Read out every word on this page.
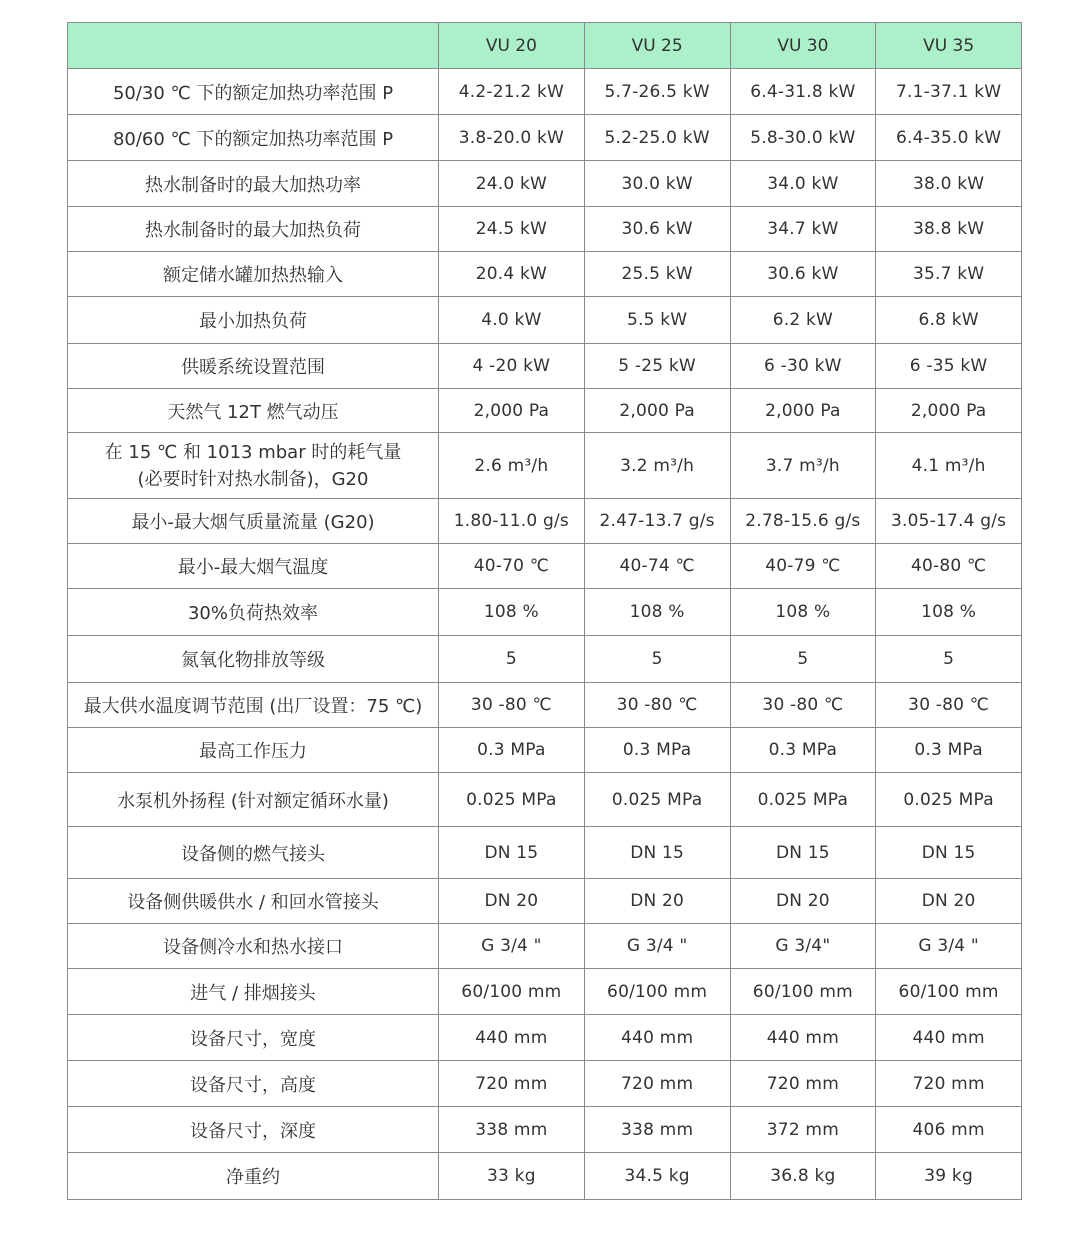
	VU 20	VU 25	VU 30	VU 35
50/30 ℃ 下的额定加热功率范围 P	4.2-21.2 kW	5.7-26.5 kW	6.4-31.8 kW	7.1-37.1 kW
80/60 ℃ 下的额定加热功率范围 P	3.8-20.0 kW	5.2-25.0 kW	5.8-30.0 kW	6.4-35.0 kW
热水制备时的最大加热功率	24.0 kW	30.0 kW	34.0 kW	38.0 kW
热水制备时的最大加热负荷	24.5 kW	30.6 kW	34.7 kW	38.8 kW
额定储水罐加热热输入	20.4 kW	25.5 kW	30.6 kW	35.7 kW
最小加热负荷	4.0 kW	5.5 kW	6.2 kW	6.8 kW
供暖系统设置范围	4 -20 kW	5 -25 kW	6 -30 kW	6 -35 kW
天然气 12T 燃气动压	2,000 Pa	2,000 Pa	2,000 Pa	2,000 Pa

在 15 ℃ 和 1013 mbar 时的耗气量
(必要时针对热水制备)，G20	2.6 m³/h	3.2 m³/h	3.7 m³/h	4.1 m³/h
最小-最大烟气质量流量 (G20)	1.80-11.0 g/s	2.47-13.7 g/s	2.78-15.6 g/s	3.05-17.4 g/s
最小-最大烟气温度	40-70 ℃	40-74 ℃	40-79 ℃	40-80 ℃
30%负荷热效率	108 %	108 %	108 %	108 %
氮氧化物排放等级	5	5	5	5
最大供水温度调节范围 (出厂设置：75 ℃)	30 -80 ℃	30 -80 ℃	30 -80 ℃	30 -80 ℃
最高工作压力	0.3 MPa	0.3 MPa	0.3 MPa	0.3 MPa
水泵机外扬程 (针对额定循环水量)	0.025 MPa	0.025 MPa	0.025 MPa	0.025 MPa
设备侧的燃气接头	DN 15	DN 15	DN 15	DN 15
设备侧供暖供水 / 和回水管接头	DN 20	DN 20	DN 20	DN 20
设备侧冷水和热水接口	G 3/4 "	G 3/4 "	G 3/4"	G 3/4 "
进气 / 排烟接头	60/100 mm	60/100 mm	60/100 mm	60/100 mm
设备尺寸，宽度	440 mm	440 mm	440 mm	440 mm
设备尺寸，高度	720 mm	720 mm	720 mm	720 mm
设备尺寸，深度	338 mm	338 mm	372 mm	406 mm
净重约	33 kg	34.5 kg	36.8 kg	39 kg
